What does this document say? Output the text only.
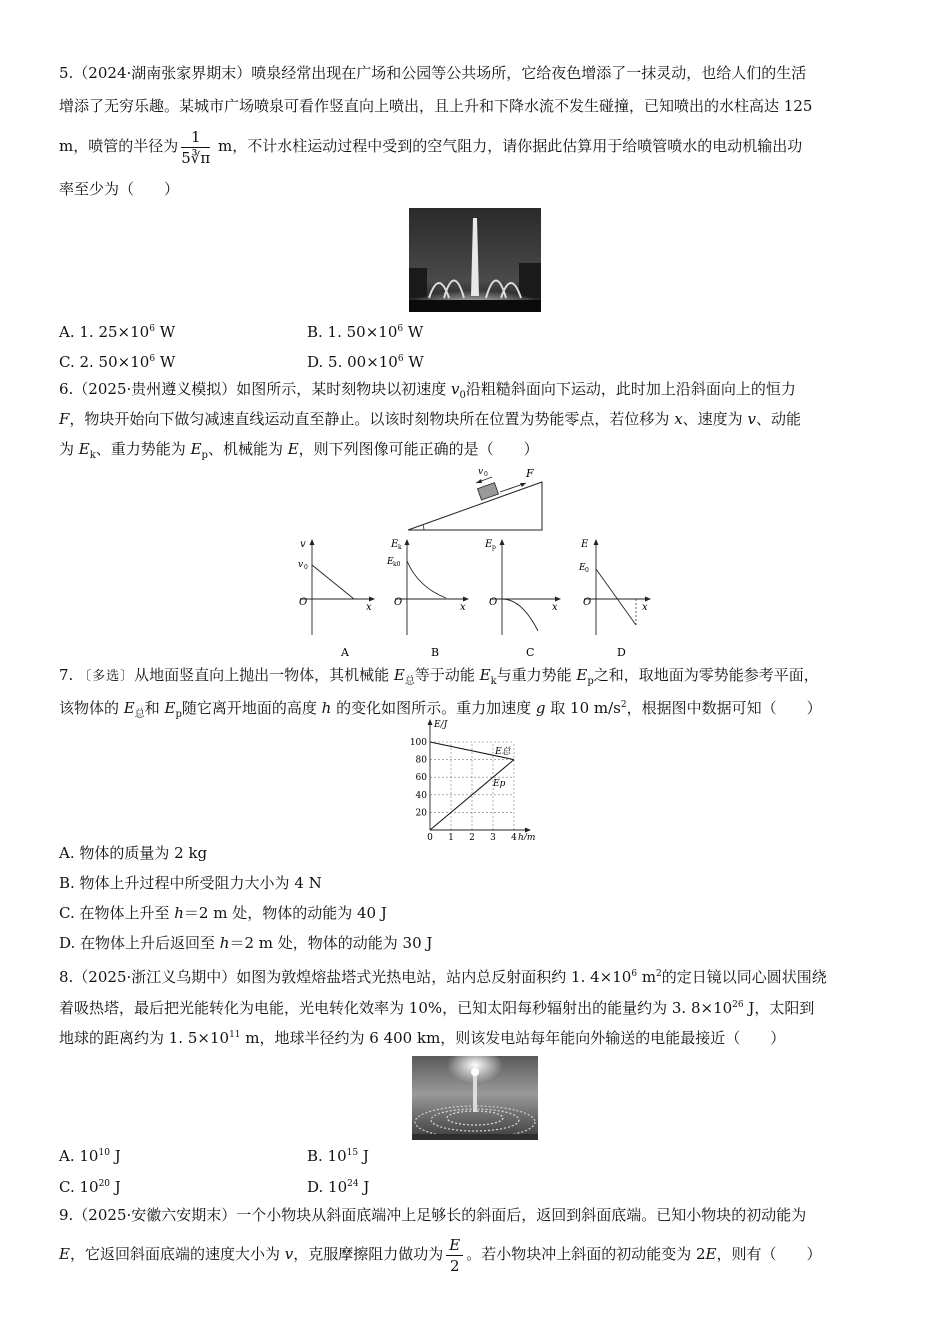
5.（2024·湖南张家界期末）喷泉经常出现在广场和公园等公共场所，它给夜色增添了一抹灵动，也给人们的生活
增添了无穷乐趣。某城市广场喷泉可看作竖直向上喷出，且上升和下降水流不发生碰撞，已知喷出的水柱高达 125
m，喷管的半径为 $\frac{1}{5∛\pi}$ m，不计水柱运动过程中受到的空气阻力，请你据此估算用于给喷管喷水的电动机输出功
率至少为（　　）
A. 1. $25\times 10^6$ W	B. 1. $50\times 10^6$ W
C. 2. $50\times 10^6$ W	D. 5. $00\times 10^6$ W
6.（2025·贵州遵义模拟）如图所示，某时刻物块以初速度 $v_0$沿粗糙斜面向下运动，此时加上沿斜面向上的恒力
F，物块开始向下做匀减速直线运动直至静止。以该时刻物块所在位置为势能零点，若位移为 x、速度为 v、动能
为 $E_k$、重力势能为 $E_p$、机械能为 E，则下列图像可能正确的是（　　）
v 0	F
v
v 0
O	x
A
E k
E k0
O	x
B
E p
O	x
C
E
E 0
O	x
D
7. 〔多选〕从地面竖直向上抛出一物体，其机械能 $E_总$等于动能 $E_k$与重力势能 $E_p$之和，取地面为零势能参考平面，
该物体的 $E_总$和 $E_p$随它离开地面的高度 h 的变化如图所示。重力加速度 g 取 10 $m/s^2$，根据图中数据可知（　　）
20
40
60
80
100
0 1 2 3 4
E/J
h/m
E总
Ep
A. 物体的质量为 2 kg
B. 物体上升过程中所受阻力大小为 4 N
C. 在物体上升至 h＝2 m 处，物体的动能为 40 J
D. 在物体上升后返回至 h＝2 m 处，物体的动能为 30 J
8.（2025·浙江义乌期中）如图为敦煌熔盐塔式光热电站，站内总反射面积约 1. $4\times 10^6$ $m^2$的定日镜以同心圆状围绕
着吸热塔，最后把光能转化为电能，光电转化效率为 10%，已知太阳每秒辐射出的能量约为 3. $8\times 10^{26}$ J，太阳到
地球的距离约为 1. $5\times 10^{11}$ m，地球半径约为 6 400 km，则该发电站每年能向外输送的电能最接近（　　）
A. $10^{10}$ J	B. $10^{15}$ J
C. $10^{20}$ J	D. $10^{24}$ J
9.（2025·安徽六安期末）一个小物块从斜面底端冲上足够长的斜面后，返回到斜面底端。已知小物块的初动能为
E，它返回斜面底端的速度大小为 v，克服摩擦阻力做功为 $\frac{E}{2}$ 。若小物块冲上斜面的初动能变为 2E，则有（　　）
